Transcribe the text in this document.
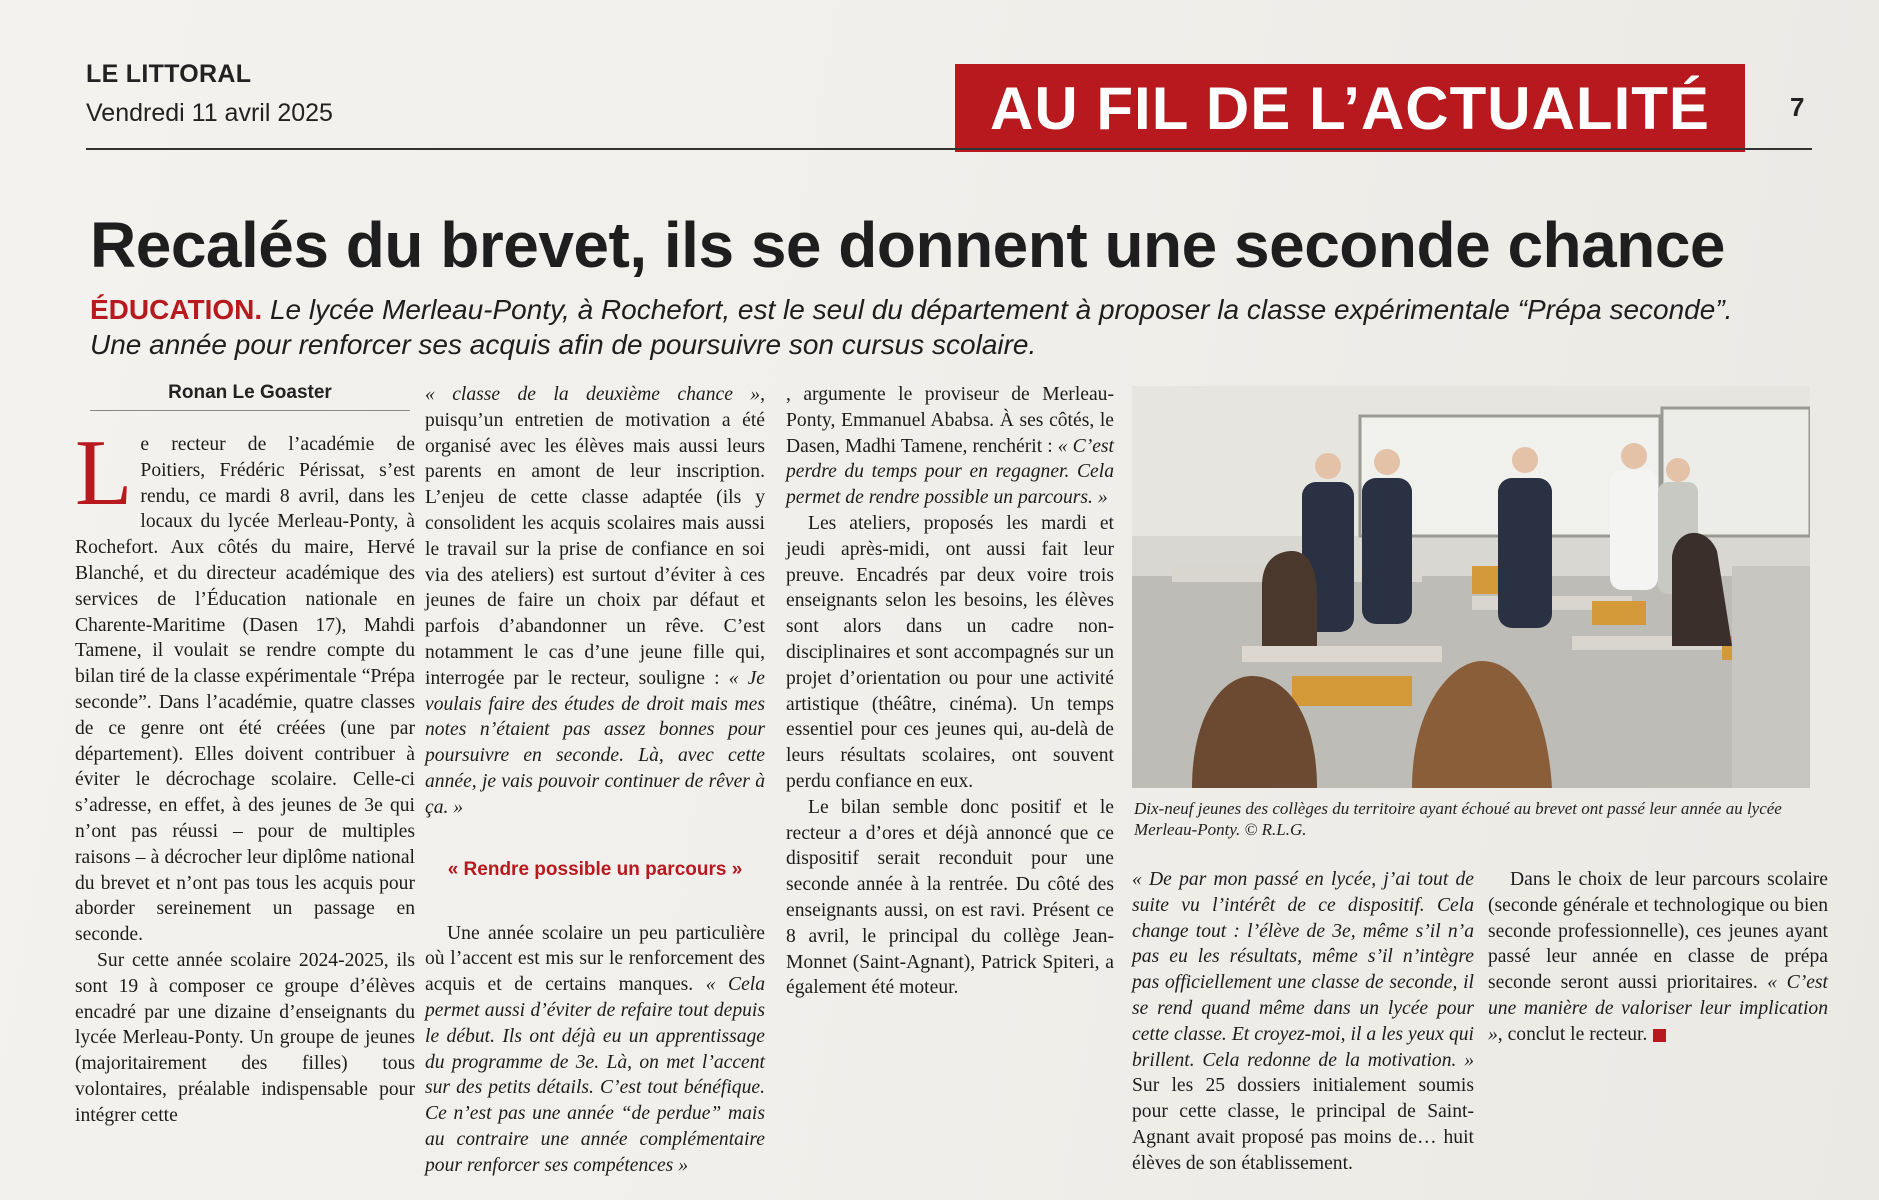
LE LITTORAL
Vendredi 11 avril 2025	AU FIL DE L’ACTUALITÉ	7
Recalés du brevet, ils se donnent une seconde chance
ÉDUCATION. Le lycée Merleau-Ponty, à Rochefort, est le seul du département à proposer la classe expérimentale “Prépa seconde”. Une année pour renforcer ses acquis afin de poursuivre son cursus scolaire.
Ronan Le Goaster

Le recteur de l’académie de Poitiers, Frédéric Périssat, s’est rendu, ce mardi 8 avril, dans les locaux du lycée Merleau-Ponty, à Rochefort. Aux côtés du maire, Hervé Blanché, et du directeur académique des services de l’Éducation nationale en Charente-Maritime (Dasen 17), Mahdi Tamene, il voulait se rendre compte du bilan tiré de la classe expérimentale “Prépa seconde”. Dans l’académie, quatre classes de ce genre ont été créées (une par département). Elles doivent contribuer à éviter le décrochage scolaire. Celle-ci s’adresse, en effet, à des jeunes de 3e qui n’ont pas réussi – pour de multiples raisons – à décrocher leur diplôme national du brevet et n’ont pas tous les acquis pour aborder sereinement un passage en seconde.

Sur cette année scolaire 2024-2025, ils sont 19 à composer ce groupe d’élèves encadré par une dizaine d’enseignants du lycée Merleau-Ponty. Un groupe de jeunes (majoritairement des filles) tous volontaires, préalable indispensable pour intégrer cette

« classe de la deuxième chance », puisqu’un entretien de motivation a été organisé avec les élèves mais aussi leurs parents en amont de leur inscription. L’enjeu de cette classe adaptée (ils y consolident les acquis scolaires mais aussi le travail sur la prise de confiance en soi via des ateliers) est surtout d’éviter à ces jeunes de faire un choix par défaut et parfois d’abandonner un rêve. C’est notamment le cas d’une jeune fille qui, interrogée par le recteur, souligne : « Je voulais faire des études de droit mais mes notes n’étaient pas assez bonnes pour poursuivre en seconde. Là, avec cette année, je vais pouvoir continuer de rêver à ça. »

« Rendre possible un parcours »

Une année scolaire un peu particulière où l’accent est mis sur le renforcement des acquis et de certains manques. « Cela permet aussi d’éviter de refaire tout depuis le début. Ils ont déjà eu un apprentissage du programme de 3e. Là, on met l’accent sur des petits détails. C’est tout bénéfique. Ce n’est pas une année “de perdue” mais au contraire une année complémentaire pour renforcer ses compétences »

, argumente le proviseur de Merleau-Ponty, Emmanuel Ababsa. À ses côtés, le Dasen, Madhi Tamene, renchérit : « C’est perdre du temps pour en regagner. Cela permet de rendre possible un parcours. »

Les ateliers, proposés les mardi et jeudi après-midi, ont aussi fait leur preuve. Encadrés par deux voire trois enseignants selon les besoins, les élèves sont alors dans un cadre non-disciplinaires et sont accompagnés sur un projet d’orientation ou pour une activité artistique (théâtre, cinéma). Un temps essentiel pour ces jeunes qui, au-delà de leurs résultats scolaires, ont souvent perdu confiance en eux.

Le bilan semble donc positif et le recteur a d’ores et déjà annoncé que ce dispositif serait reconduit pour une seconde année à la rentrée. Du côté des enseignants aussi, on est ravi. Présent ce 8 avril, le principal du collège Jean-Monnet (Saint-Agnant), Patrick Spiteri, a également été moteur.

Dix-neuf jeunes des collèges du territoire ayant échoué au brevet ont passé leur année au lycée Merleau-Ponty. © R.L.G.

« De par mon passé en lycée, j’ai tout de suite vu l’intérêt de ce dispositif. Cela change tout : l’élève de 3e, même s’il n’a pas eu les résultats, même s’il n’intègre pas officiellement une classe de seconde, il se rend quand même dans un lycée pour cette classe. Et croyez-moi, il a les yeux qui brillent. Cela redonne de la motivation. » Sur les 25 dossiers initialement soumis pour cette classe, le principal de Saint-Agnant avait proposé pas moins de… huit élèves de son établissement.

Dans le choix de leur parcours scolaire (seconde générale et technologique ou bien seconde professionnelle), ces jeunes ayant passé leur année en classe de prépa seconde seront aussi prioritaires. « C’est une manière de valoriser leur implication », conclut le recteur.
